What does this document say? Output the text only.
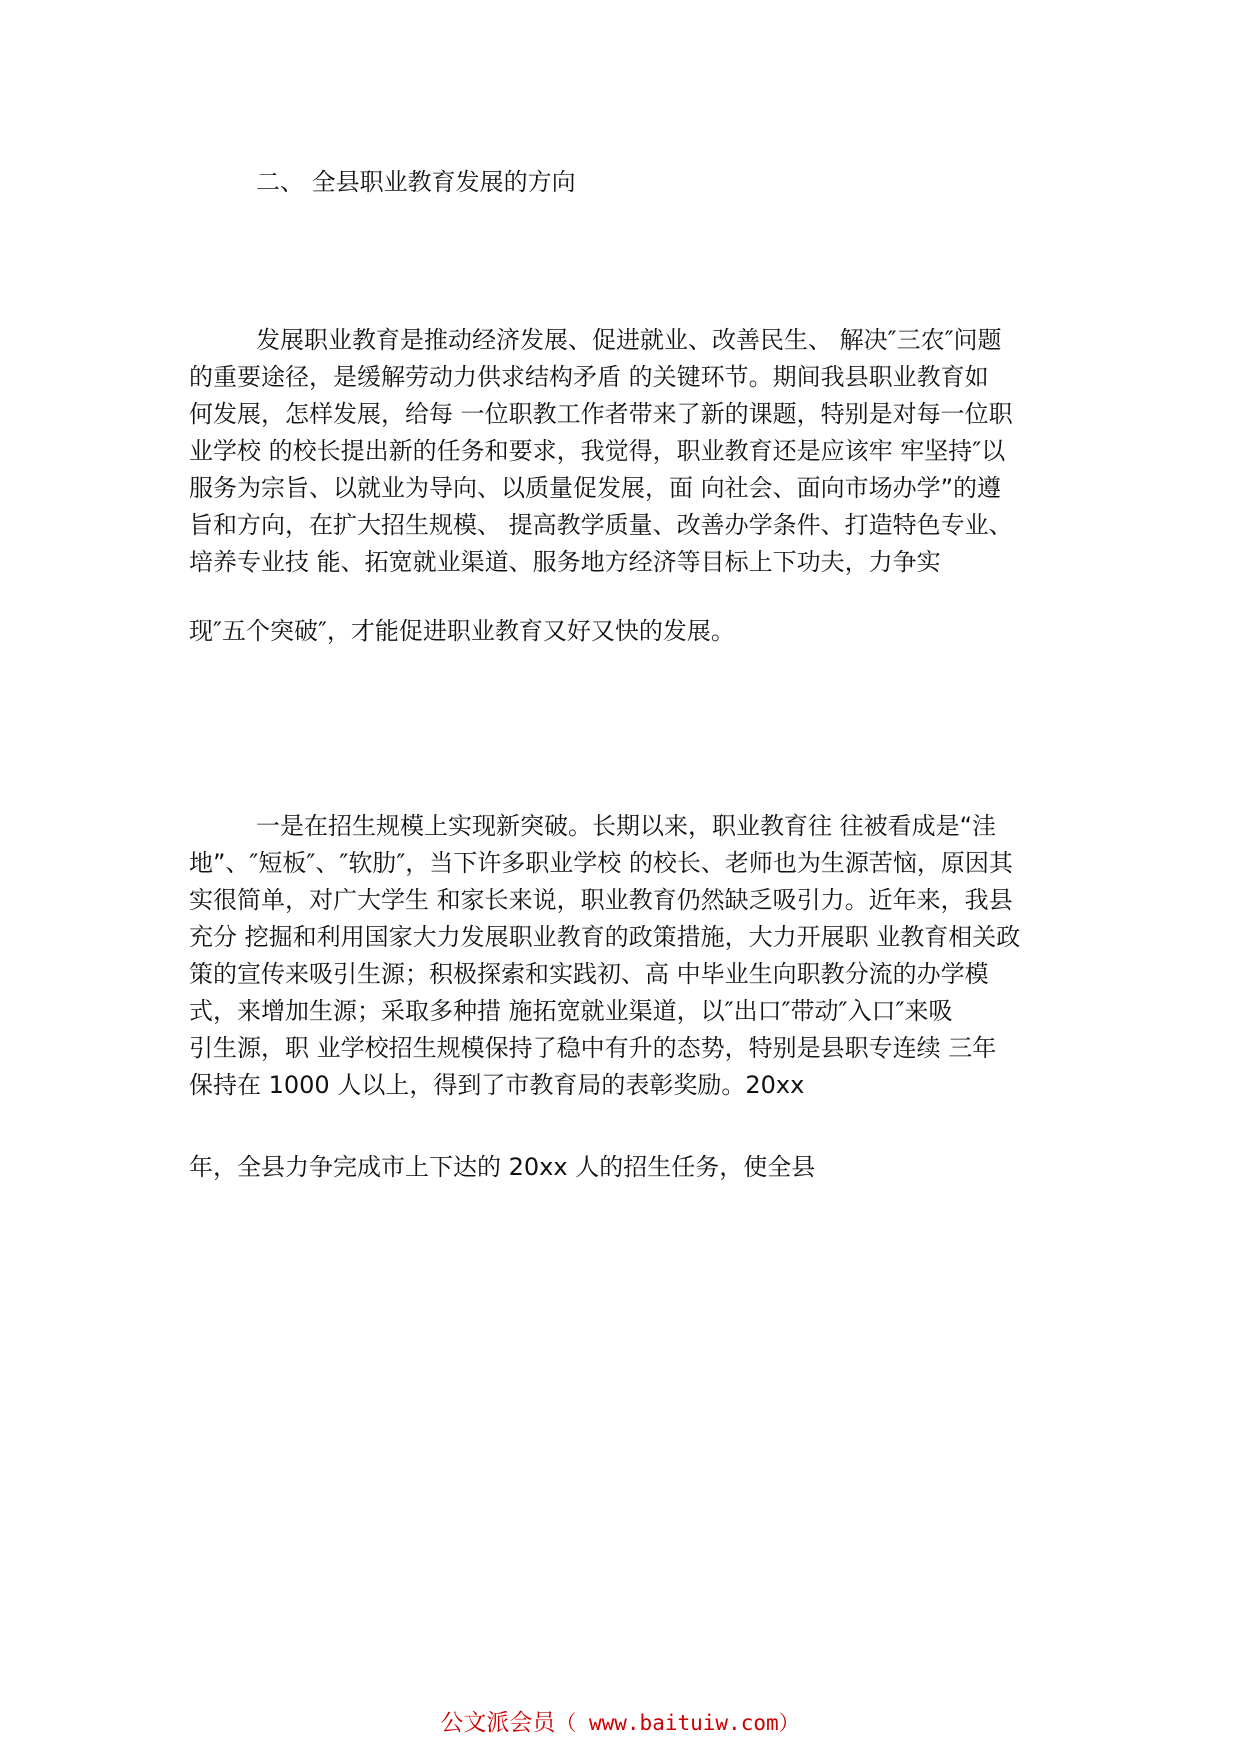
二、 全县职业教育发展的方向
发展职业教育是推动经济发展、促进就业、改善民生、 解决″三农″问题
的重要途径，是缓解劳动力供求结构矛盾 的关键环节。期间我县职业教育如
何发展，怎样发展，给每 一位职教工作者带来了新的课题，特别是对每一位职
业学校 的校长提出新的任务和要求，我觉得，职业教育还是应该牢 牢坚持″以
服务为宗旨、以就业为导向、以质量促发展，面 向社会、面向市场办学”的遵
旨和方向，在扩大招生规模、 提高教学质量、改善办学条件、打造特色专业、
培养专业技 能、拓宽就业渠道、服务地方经济等目标上下功夫，力争实
现″五个突破″，才能促进职业教育又好又快的发展。
一是在招生规模上实现新突破。长期以来，职业教育往 往被看成是“洼
地”、″短板″、″软肋″，当下许多职业学校 的校长、老师也为生源苦恼，原因其
实很简单，对广大学生 和家长来说，职业教育仍然缺乏吸引力。近年来，我县
充分 挖掘和利用国家大力发展职业教育的政策措施，大力开展职 业教育相关政
策的宣传来吸引生源；积极探索和实践初、高 中毕业生向职教分流的办学模
式，来增加生源；采取多种措 施拓宽就业渠道，以″出口″带动″入口″来吸
引生源，职 业学校招生规模保持了稳中有升的态势，特别是县职专连续 三年
保持在 1000 人以上，得到了市教育局的表彰奖励。20xx
年，全县力争完成市上下达的 20xx 人的招生任务，使全县
公文派会员（ www.baituiw.com）
